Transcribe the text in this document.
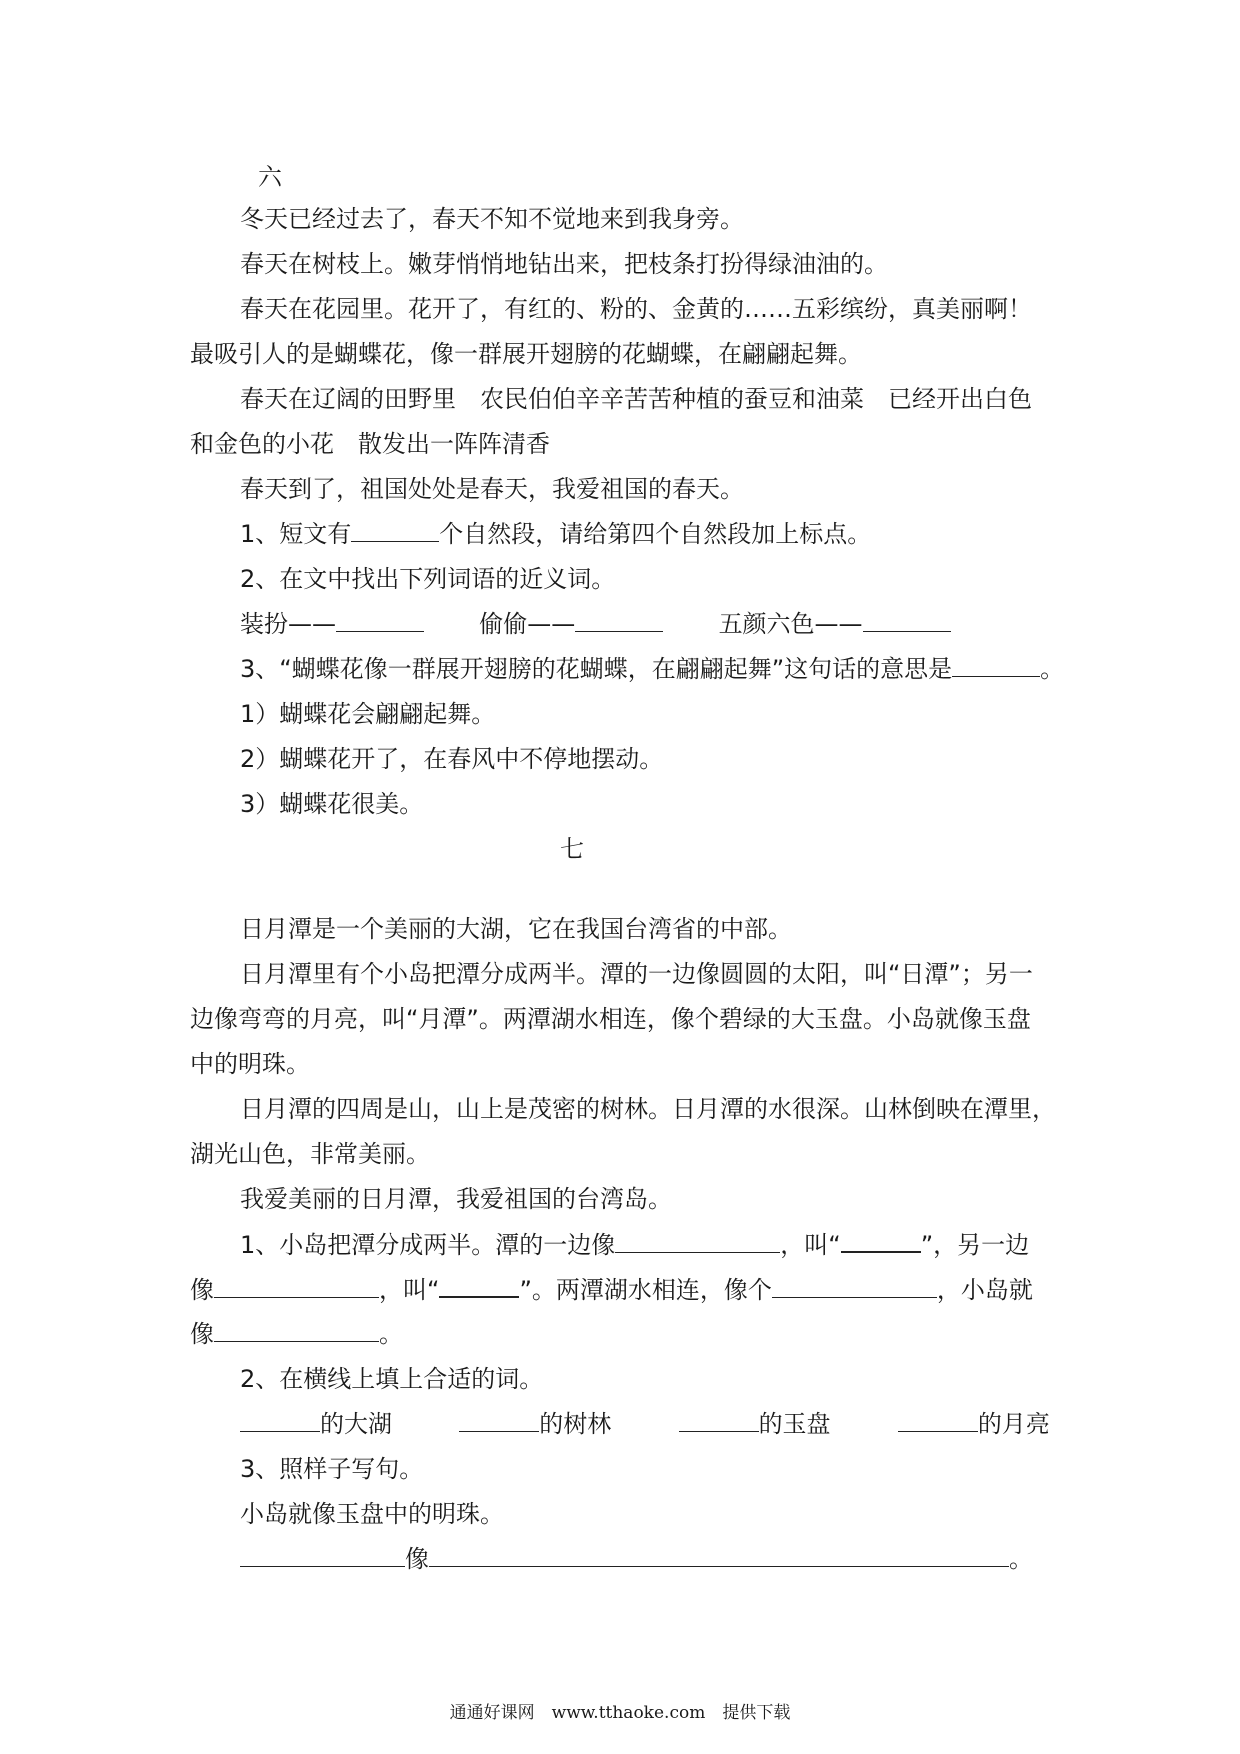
六
冬天已经过去了，春天不知不觉地来到我身旁。
春天在树枝上。嫩芽悄悄地钻出来，把枝条打扮得绿油油的。
春天在花园里。花开了，有红的、粉的、金黄的……五彩缤纷，真美丽啊！
最吸引人的是蝴蝶花，像一群展开翅膀的花蝴蝶，在翩翩起舞。
春天在辽阔的田野里　农民伯伯辛辛苦苦种植的蚕豆和油菜　已经开出白色
和金色的小花　散发出一阵阵清香
春天到了，祖国处处是春天，我爱祖国的春天。
1、短文有	个自然段，请给第四个自然段加上标点。
2、在文中找出下列词语的近义词。
装扮——	偷偷——	五颜六色——
3、“蝴蝶花像一群展开翅膀的花蝴蝶，在翩翩起舞”这句话的意思是	。
1）蝴蝶花会翩翩起舞。
2）蝴蝶花开了，在春风中不停地摆动。
3）蝴蝶花很美。
七
日月潭是一个美丽的大湖，它在我国台湾省的中部。
日月潭里有个小岛把潭分成两半。潭的一边像圆圆的太阳，叫“日潭”；另一
边像弯弯的月亮，叫“月潭”。两潭湖水相连，像个碧绿的大玉盘。小岛就像玉盘
中的明珠。
日月潭的四周是山，山上是茂密的树林。日月潭的水很深。山林倒映在潭里，
湖光山色，非常美丽。
我爱美丽的日月潭，我爱祖国的台湾岛。
1、小岛把潭分成两半。潭的一边像	，叫“	”，另一边
像	，叫“	”。两潭湖水相连，像个	，小岛就
像	。
2、在横线上填上合适的词。
的大湖	的树林	的玉盘	的月亮
3、照样子写句。
小岛就像玉盘中的明珠。
像	。
通通好课网　www.tthaoke.com　提供下载
